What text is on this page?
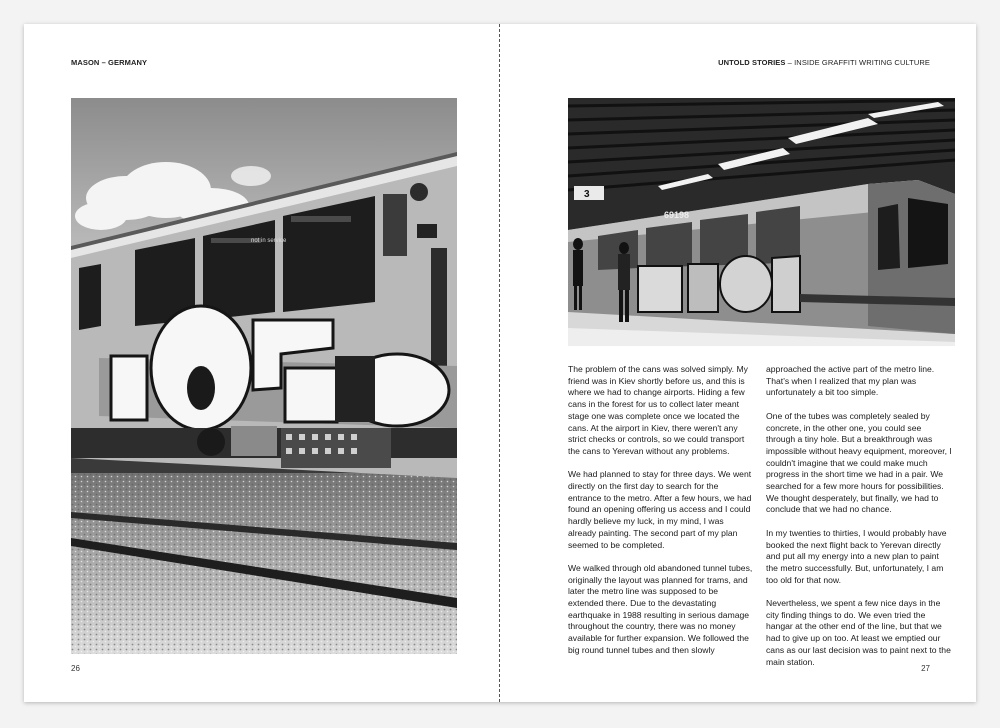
MASON – GERMANY
not in service
26
UNTOLD STORIES – INSIDE GRAFFITI WRITING CULTURE
3
69198

The problem of the cans was solved simply. My friend was in Kiev shortly before us, and this is where we had to change airports. Hiding a few cans in the forest for us to collect later meant stage one was complete once we located the cans. At the airport in Kiev, there weren't any strict checks or controls, so we could transport the cans to Yerevan without any problems.

We had planned to stay for three days. We went directly on the first day to search for the entrance to the metro. After a few hours, we had found an opening offering us access and I could hardly believe my luck, in my mind, I was already painting. The second part of my plan seemed to be completed.

We walked through old abandoned tunnel tubes, originally the layout was planned for trams, and later the metro line was supposed to be extended there. Due to the devastating earthquake in 1988 resulting in serious damage throughout the country, there was no money available for further expansion. We followed the big round tunnel tubes and then slowly

approached the active part of the metro line. That's when I realized that my plan was unfortunately a bit too simple.

One of the tubes was completely sealed by concrete, in the other one, you could see through a tiny hole. But a breakthrough was impossible without heavy equipment, moreover, I couldn't imagine that we could make much progress in the short time we had in a pair. We searched for a few more hours for possibilities. We thought desperately, but finally, we had to conclude that we had no chance.

In my twenties to thirties, I would probably have booked the next flight back to Yerevan directly and put all my energy into a new plan to paint the metro successfully. But, unfortunately, I am too old for that now.

Nevertheless, we spent a few nice days in the city finding things to do. We even tried the hangar at the other end of the line, but that we had to give up on too. At least we emptied our cans as our last decision was to paint next to the main station.

27
